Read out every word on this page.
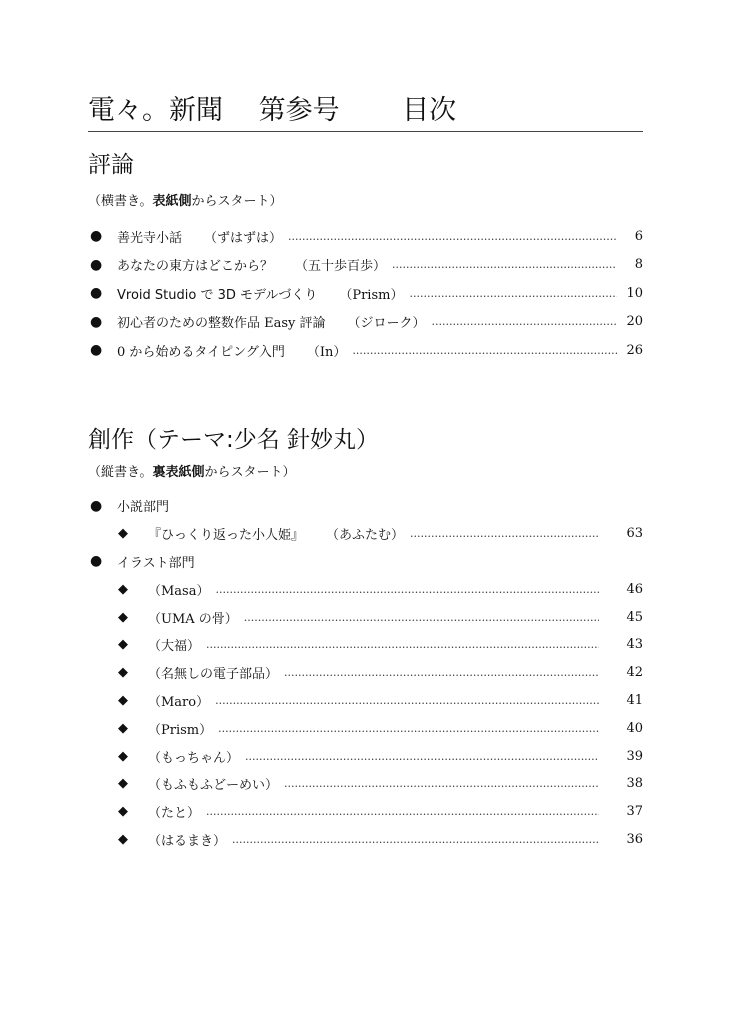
電々。新聞　 第参号　　 目次
評論
（横書き。表紙側からスタート）
●	善光寺小話 （ずはずは） .....	6
●	あなたの東方はどこから？ （五十歩百歩） .....	8
●	Vroid Studio で 3D モデルづくり （Prism） .....	10
●	初心者のための整数作品 Easy 評論 （ジローク） .....	20
●	0 から始めるタイピング入門 （In） .....	26
創作（テーマ:少名 針妙丸）
（縦書き。裏表紙側からスタート）
●	小説部門
◆	『ひっくり返った小人姫』 （あふたむ） .....	63
●	イラスト部門
◆	（Masa） .....	46
◆	（UMA の骨） .....	45
◆	（大福） .....	43
◆	（名無しの電子部品） .....	42
◆	（Maro） .....	41
◆	（Prism） .....	40
◆	（もっちゃん） .....	39
◆	（もふもふどーめい） .....	38
◆	（たと） .....	37
◆	（はるまき） .....	36
